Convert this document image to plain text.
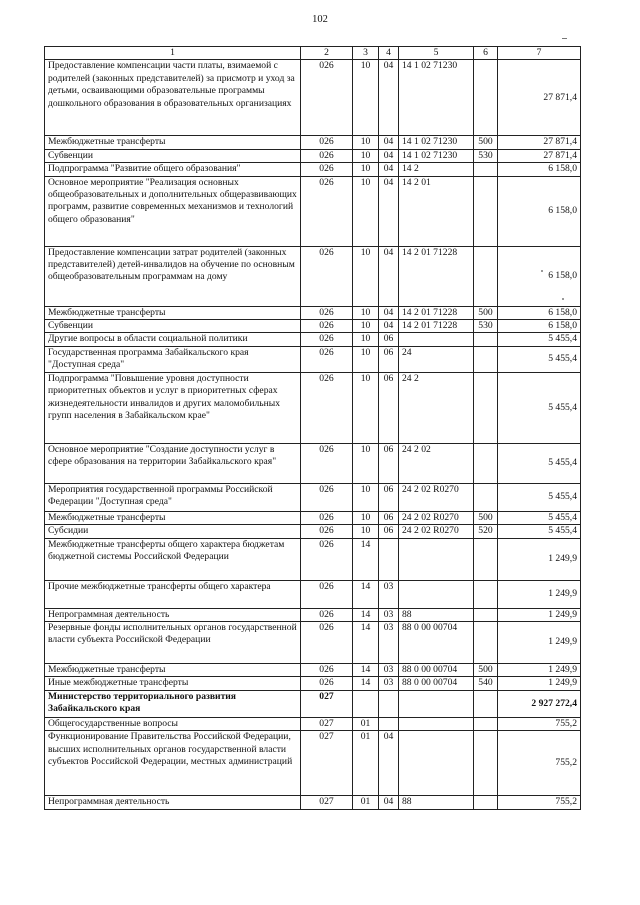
102
1	2	3	4	5	6	7
Предоставление компенсации части платы, взимаемой с родителей (законных представителей) за присмотр и уход за детьми, осваивающими образовательные программы дошкольного образования в образовательных организациях	026	10	04	14 1 02 71230		27 871,4
Межбюджетные трансферты	026	10	04	14 1 02 71230	500	27 871,4
Субвенции	026	10	04	14 1 02 71230	530	27 871,4
Подпрограмма "Развитие общего образования"	026	10	04	14 2		6 158,0
Основное мероприятие "Реализация основных общеобразовательных и дополнительных общеразвивающих программ, развитие современных механизмов и технологий общего образования"	026	10	04	14 2 01		6 158,0
Предоставление компенсации затрат родителей (законных представителей) детей-инвалидов на обучение по основным общеобразовательным программам на дому	026	10	04	14 2 01 71228		6 158,0
Межбюджетные трансферты	026	10	04	14 2 01 71228	500	6 158,0
Субвенции	026	10	04	14 2 01 71228	530	6 158,0
Другие вопросы в области социальной политики	026	10	06			5 455,4
Государственная программа Забайкальского края "Доступная среда"	026	10	06	24		5 455,4
Подпрограмма "Повышение уровня доступности приоритетных объектов и услуг в приоритетных сферах жизнедеятельности инвалидов и других маломобильных групп населения в Забайкальском крае"	026	10	06	24 2		5 455,4
Основное мероприятие "Создание доступности услуг в сфере образования на территории Забайкальского края"	026	10	06	24 2 02		5 455,4
Мероприятия государственной программы Российской Федерации "Доступная среда"	026	10	06	24 2 02 R0270		5 455,4
Межбюджетные трансферты	026	10	06	24 2 02 R0270	500	5 455,4
Субсидии	026	10	06	24 2 02 R0270	520	5 455,4
Межбюджетные трансферты общего характера бюджетам бюджетной системы Российской Федерации	026	14				1 249,9
Прочие межбюджетные трансферты общего характера	026	14	03			1 249,9
Непрограммная деятельность	026	14	03	88		1 249,9
Резервные фонды исполнительных органов государственной власти субъекта Российской Федерации	026	14	03	88 0 00 00704		1 249,9
Межбюджетные трансферты	026	14	03	88 0 00 00704	500	1 249,9
Иные межбюджетные трансферты	026	14	03	88 0 00 00704	540	1 249,9
Министерство территориального развития Забайкальского края	027					2 927 272,4
Общегосударственные вопросы	027	01				755,2
Функционирование Правительства Российской Федерации, высших исполнительных органов государственной власти субъектов Российской Федерации, местных администраций	027	01	04			755,2
Непрограммная деятельность	027	01	04	88		755,2
